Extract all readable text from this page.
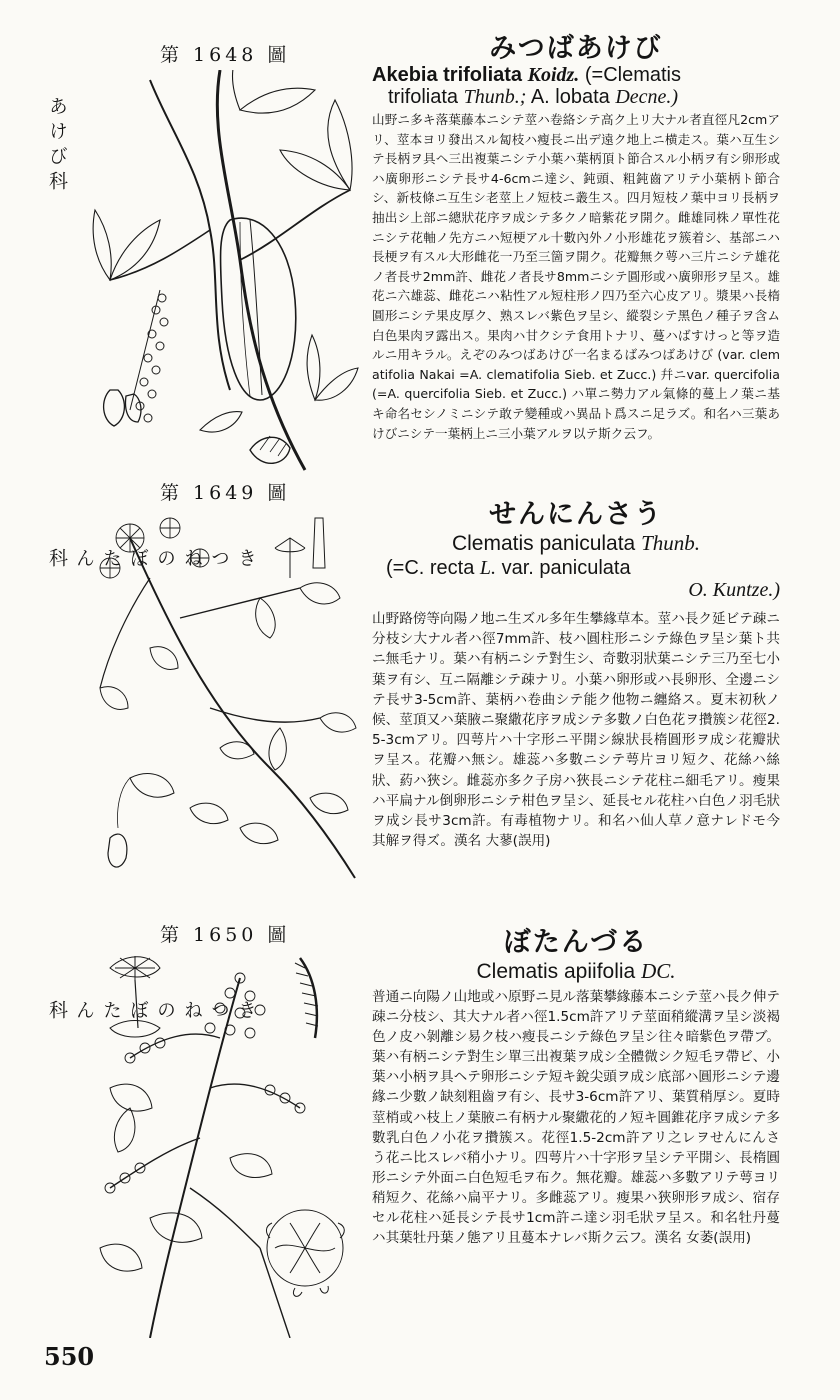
第 1648 圖
あけび科
みつばあけび
Akebia trifoliata Koidz. (=Clematis
trifoliata Thunb.; A. lobata Decne.)
山野ニ多キ落葉藤本ニシテ莖ハ卷絡シテ高ク上リ大ナル者直徑凡2cmアリ、莖本ヨリ發出スル匐枝ハ瘦長ニ出デ遠ク地上ニ横走ス。葉ハ互生シテ長柄ヲ具ヘ三出複葉ニシテ小葉ハ葉柄頂ト節合スル小柄ヲ有シ卵形或ハ廣卵形ニシテ長サ4-6cmニ達シ、鈍頭、粗鈍齒アリテ小葉柄ト節合シ、新枝條ニ互生シ老莖上ノ短枝ニ叢生ス。四月短枝ノ葉中ヨリ長柄ヲ抽出シ上部ニ總狀花序ヲ成シテ多クノ暗紫花ヲ開ク。雌雄同株ノ單性花ニシテ花軸ノ先方ニハ短梗アル十數內外ノ小形雄花ヲ簇着シ、基部ニハ長梗ヲ有スル大形雌花一乃至三箇ヲ開ク。花瓣無ク萼ハ三片ニシテ雄花ノ者長サ2mm許、雌花ノ者長サ8mmニシテ圓形或ハ廣卵形ヲ呈ス。雄花ニ六雄蕊、雌花ニハ粘性アル短柱形ノ四乃至六心皮アリ。漿果ハ長楕圓形ニシテ果皮厚ク、熟スレバ紫色ヲ呈シ、縱裂シテ黑色ノ種子ヲ含ム白色果肉ヲ露出ス。果肉ハ甘クシテ食用トナリ、蔓ハばすけっと等ヲ造ルニ用キラル。えぞのみつばあけび一名まるばみつばあけび (var. clematifolia Nakai =A. clematifolia Sieb. et Zucc.) 幷ニvar. quercifolia (=A. quercifolia Sieb. et Zucc.) ハ單ニ勢力アル氣條的蔓上ノ葉ニ基キ命名セシノミニシテ敢テ變種或ハ異品ト爲スニ足ラズ。和名ハ三葉あけびニシテ一葉柄上ニ三小葉アルヲ以テ斯ク云フ。
第 1649 圖
きつねのぼたん科
せんにんさう
Clematis paniculata Thunb.
(=C. recta L. var. paniculata
O. Kuntze.)
山野路傍等向陽ノ地ニ生ズル多年生攀緣草本。莖ハ長ク延ビテ疎ニ分枝シ大ナル者ハ徑7mm許、枝ハ圓柱形ニシテ綠色ヲ呈シ葉ト共ニ無毛ナリ。葉ハ有柄ニシテ對生シ、奇數羽狀葉ニシテ三乃至七小葉ヲ有シ、互ニ隔離シテ疎ナリ。小葉ハ卵形或ハ長卵形、全邊ニシテ長サ3-5cm許、葉柄ハ卷曲シテ能ク他物ニ纏絡ス。夏末初秋ノ候、莖頂又ハ葉腋ニ聚繖花序ヲ成シテ多數ノ白色花ヲ攢簇シ花徑2.5-3cmアリ。四萼片ハ十字形ニ平開シ線狀長楕圓形ヲ成シ花瓣狀ヲ呈ス。花瓣ハ無シ。雄蕊ハ多數ニシテ萼片ヨリ短ク、花絲ハ絲狀、葯ハ狹シ。雌蕊亦多ク子房ハ狹長ニシテ花柱ニ細毛アリ。瘦果ハ平扁ナル倒卵形ニシテ柑色ヲ呈シ、延長セル花柱ハ白色ノ羽毛狀ヲ成シ長サ3cm許。有毒植物ナリ。和名ハ仙人草ノ意ナレドモ今其解ヲ得ズ。漢名 大蓼(誤用)
第 1650 圖
きつねのぼたん科
ぼたんづる
Clematis apiifolia DC.
普通ニ向陽ノ山地或ハ原野ニ見ル落葉攀緣藤本ニシテ莖ハ長ク伸テ疎ニ分枝シ、其大ナル者ハ徑1.5cm許アリテ莖面稍縱溝ヲ呈シ淡褐色ノ皮ハ剝離シ易ク枝ハ瘦長ニシテ綠色ヲ呈シ往々暗紫色ヲ帶ブ。葉ハ有柄ニシテ對生シ單三出複葉ヲ成シ全體微シク短毛ヲ帶ビ、小葉ハ小柄ヲ具ヘテ卵形ニシテ短キ銳尖頭ヲ成シ底部ハ圓形ニシテ邊緣ニ少數ノ缺刻粗齒ヲ有シ、長サ3-6cm許アリ、葉質稍厚シ。夏時莖梢或ハ枝上ノ葉腋ニ有柄ナル聚繖花的ノ短キ圓錐花序ヲ成シテ多數乳白色ノ小花ヲ攢簇ス。花徑1.5-2cm許アリ之レヲせんにんさう花ニ比スレバ稍小ナリ。四萼片ハ十字形ヲ呈シテ平開シ、長楕圓形ニシテ外面ニ白色短毛ヲ布ク。無花瓣。雄蕊ハ多數アリテ萼ヨリ稍短ク、花絲ハ扁平ナリ。多雌蕊アリ。瘦果ハ狹卵形ヲ成シ、宿存セル花柱ハ延長シテ長サ1cm許ニ達シ羽毛狀ヲ呈ス。和名牡丹蔓ハ其葉牡丹葉ノ態アリ且蔓本ナレバ斯ク云フ。漢名 女萎(誤用)
550
